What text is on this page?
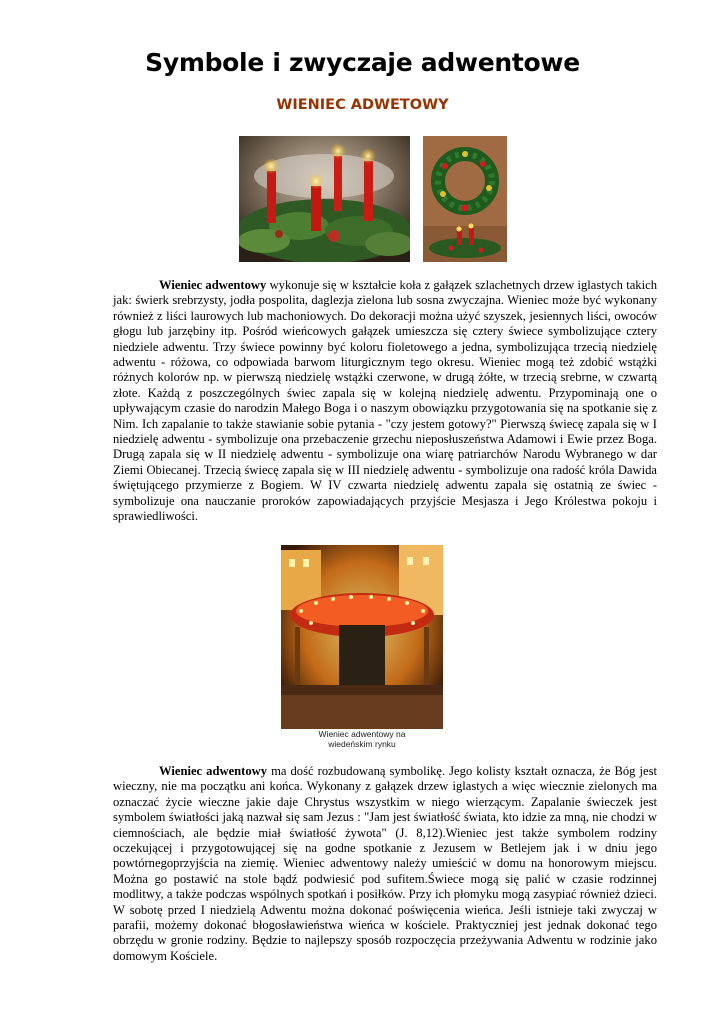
Symbole i zwyczaje adwentowe
WIENIEC ADWETOWY

Wieniec adwentowy wykonuje się w kształcie koła z gałązek szlachetnych drzew iglastych takich jak: świerk srebrzysty, jodła pospolita, daglezja zielona lub sosna zwyczajna. Wieniec może być wykonany również z liści laurowych lub machoniowych. Do dekoracji można użyć szyszek, jesiennych liści, owoców głogu lub jarzębiny itp. Pośród wieńcowych gałązek umieszcza się cztery świece symbolizujące cztery niedziele adwentu. Trzy świece powinny być koloru fioletowego a jedna, symbolizująca trzecią niedzielę adwentu - różowa, co odpowiada barwom liturgicznym tego okresu. Wieniec mogą też zdobić wstążki różnych kolorów np. w pierwszą niedzielę wstążki czerwone, w drugą żółte, w trzecią srebrne, w czwartą złote. Każdą z poszczególnych świec zapala się w kolejną niedzielę adwentu. Przypominają one o upływającym czasie do narodzin Małego Boga i o naszym obowiązku przygotowania się na spotkanie się z Nim. Ich zapalanie to także stawianie sobie pytania - "czy jestem gotowy?" Pierwszą świecę zapala się w I niedzielę adwentu - symbolizuje ona przebaczenie grzechu nieposłuszeństwa Adamowi i Ewie przez Boga. Drugą zapala się w II niedzielę adwentu - symbolizuje ona wiarę patriarchów Narodu Wybranego w dar Ziemi Obiecanej. Trzecią świecę zapala się w III niedzielę adwentu - symbolizuje ona radość króla Dawida świętującego przymierze z Bogiem. W IV czwarta niedzielę adwentu zapala się ostatnią ze świec - symbolizuje ona nauczanie proroków zapowiadających przyjście Mesjasza i Jego Królestwa pokoju i sprawiedliwości.

Wieniec adwentowy na
wiedeńskim rynku

Wieniec adwentowy ma dość rozbudowaną symbolikę. Jego kolisty kształt oznacza, że Bóg jest wieczny, nie ma początku ani końca. Wykonany z gałązek drzew iglastych a więc wiecznie zielonych ma oznaczać życie wieczne jakie daje Chrystus wszystkim w niego wierzącym. Zapalanie świeczek jest symbolem światłości jaką nazwał się sam Jezus : "Jam jest światłość świata, kto idzie za mną, nie chodzi w ciemnościach, ale będzie miał światłość żywota" (J. 8,12).Wieniec jest także symbolem rodziny oczekującej i przygotowującej się na godne spotkanie z Jezusem w Betlejem jak i w dniu jego powtórnegoprzyjścia na ziemię. Wieniec adwentowy należy umieścić w domu na honorowym miejscu. Można go postawić na stole bądź podwiesić pod sufitem.Świece mogą się palić w czasie rodzinnej modlitwy, a także podczas wspólnych spotkań i posiłków. Przy ich płomyku mogą zasypiać również dzieci. W sobotę przed I niedzielą Adwentu można dokonać poświęcenia wieńca. Jeśli istnieje taki zwyczaj w parafii, możemy dokonać błogosławieństwa wieńca w kościele. Praktyczniej jest jednak dokonać tego obrzędu w gronie rodziny. Będzie to najlepszy sposób rozpoczęcia przeżywania Adwentu w rodzinie jako domowym Kościele.
